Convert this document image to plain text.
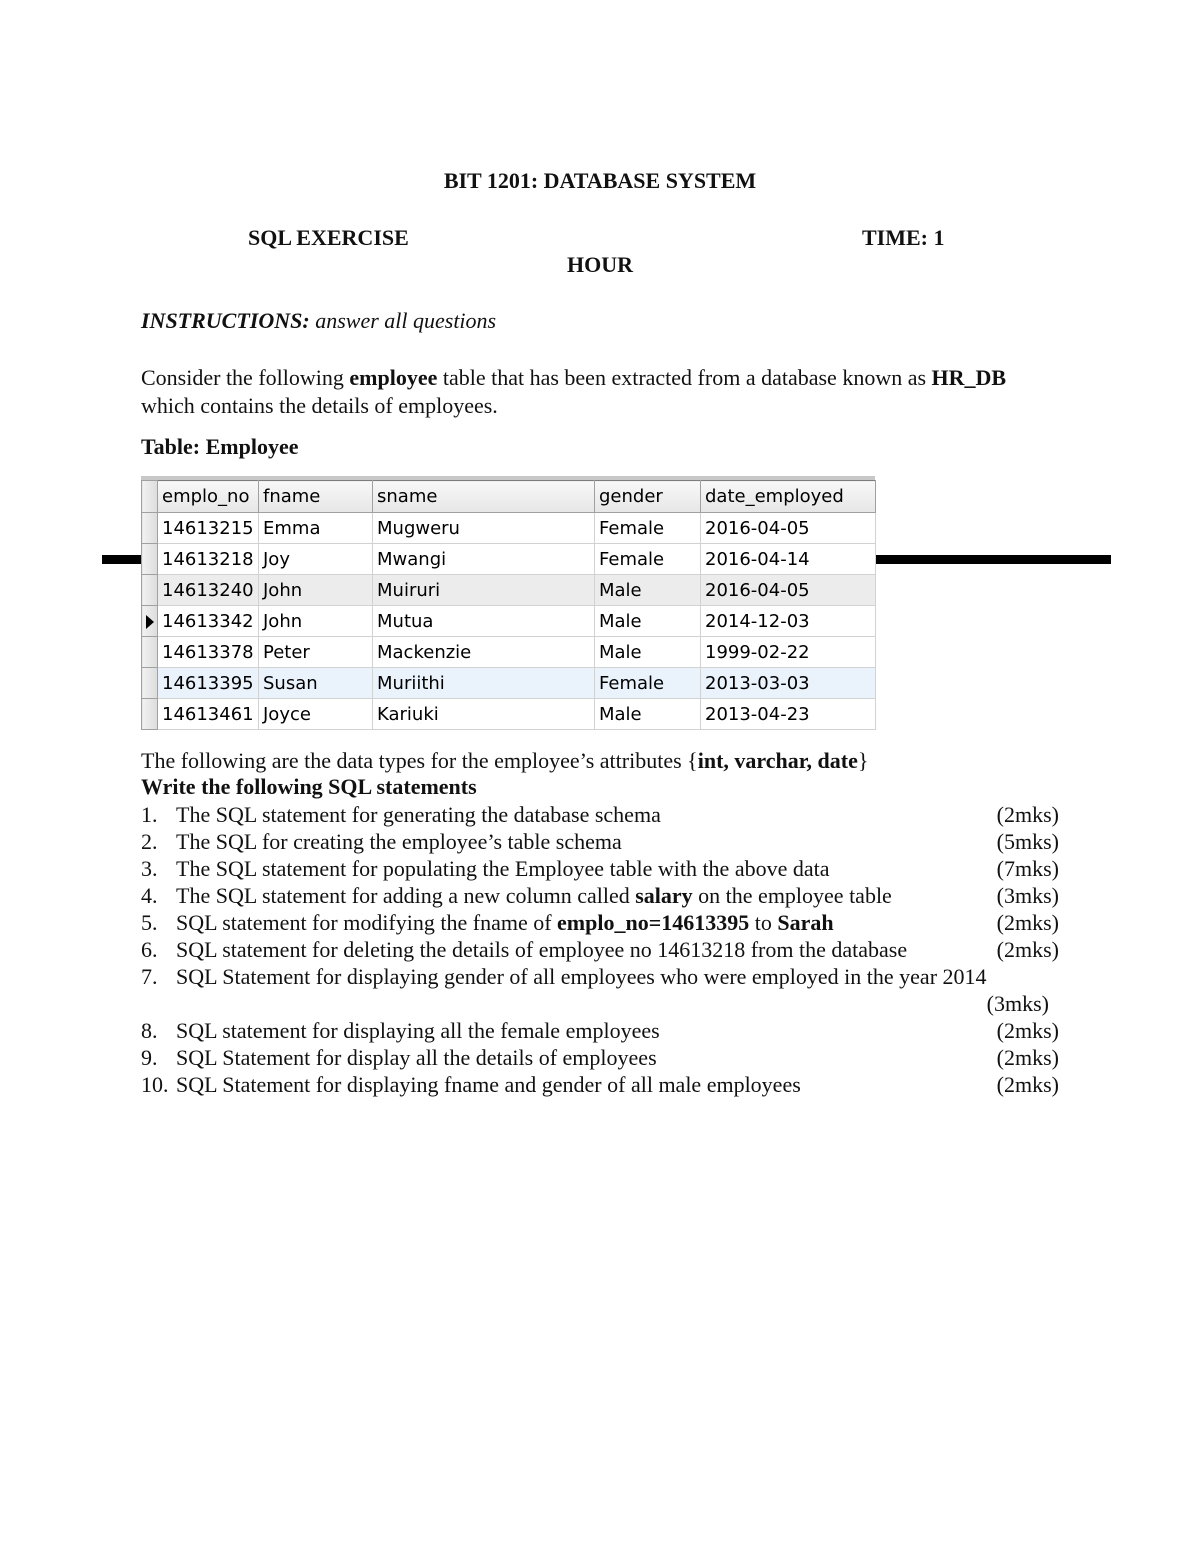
BIT 1201: DATABASE SYSTEM
SQL EXERCISE	TIME: 1
HOUR
INSTRUCTIONS: answer all questions
Consider the following employee table that has been extracted from a database known as HR_DB which contains the details of employees.
Table: Employee
	emplo_no	fname	sname	gender	date_employed
	14613215	Emma	Mugweru	Female	2016-04-05
	14613218	Joy	Mwangi	Female	2016-04-14
	14613240	John	Muiruri	Male	2016-04-05
	14613342	John	Mutua	Male	2014-12-03
	14613378	Peter	Mackenzie	Male	1999-02-22
	14613395	Susan	Muriithi	Female	2013-03-03
	14613461	Joyce	Kariuki	Male	2013-04-23
The following are the data types for the employee’s attributes {int, varchar, date}
Write the following SQL statements
1. The SQL statement for generating the database schema	(2mks)
2. The SQL for creating the employee’s table schema	(5mks)
3. The SQL statement for populating the Employee table with the above data	(7mks)
4. The SQL statement for adding a new column called salary on the employee table	(3mks)
5. SQL statement for modifying the fname of emplo_no=14613395 to Sarah	(2mks)
6. SQL statement for deleting the details of employee no 14613218 from the database	(2mks)
7. SQL Statement for displaying gender of all employees who were employed in the year 2014
(3mks)
8. SQL statement for displaying all the female employees	(2mks)
9. SQL Statement for display all the details of employees	(2mks)
10. SQL Statement for displaying fname and gender of all male employees	(2mks)
